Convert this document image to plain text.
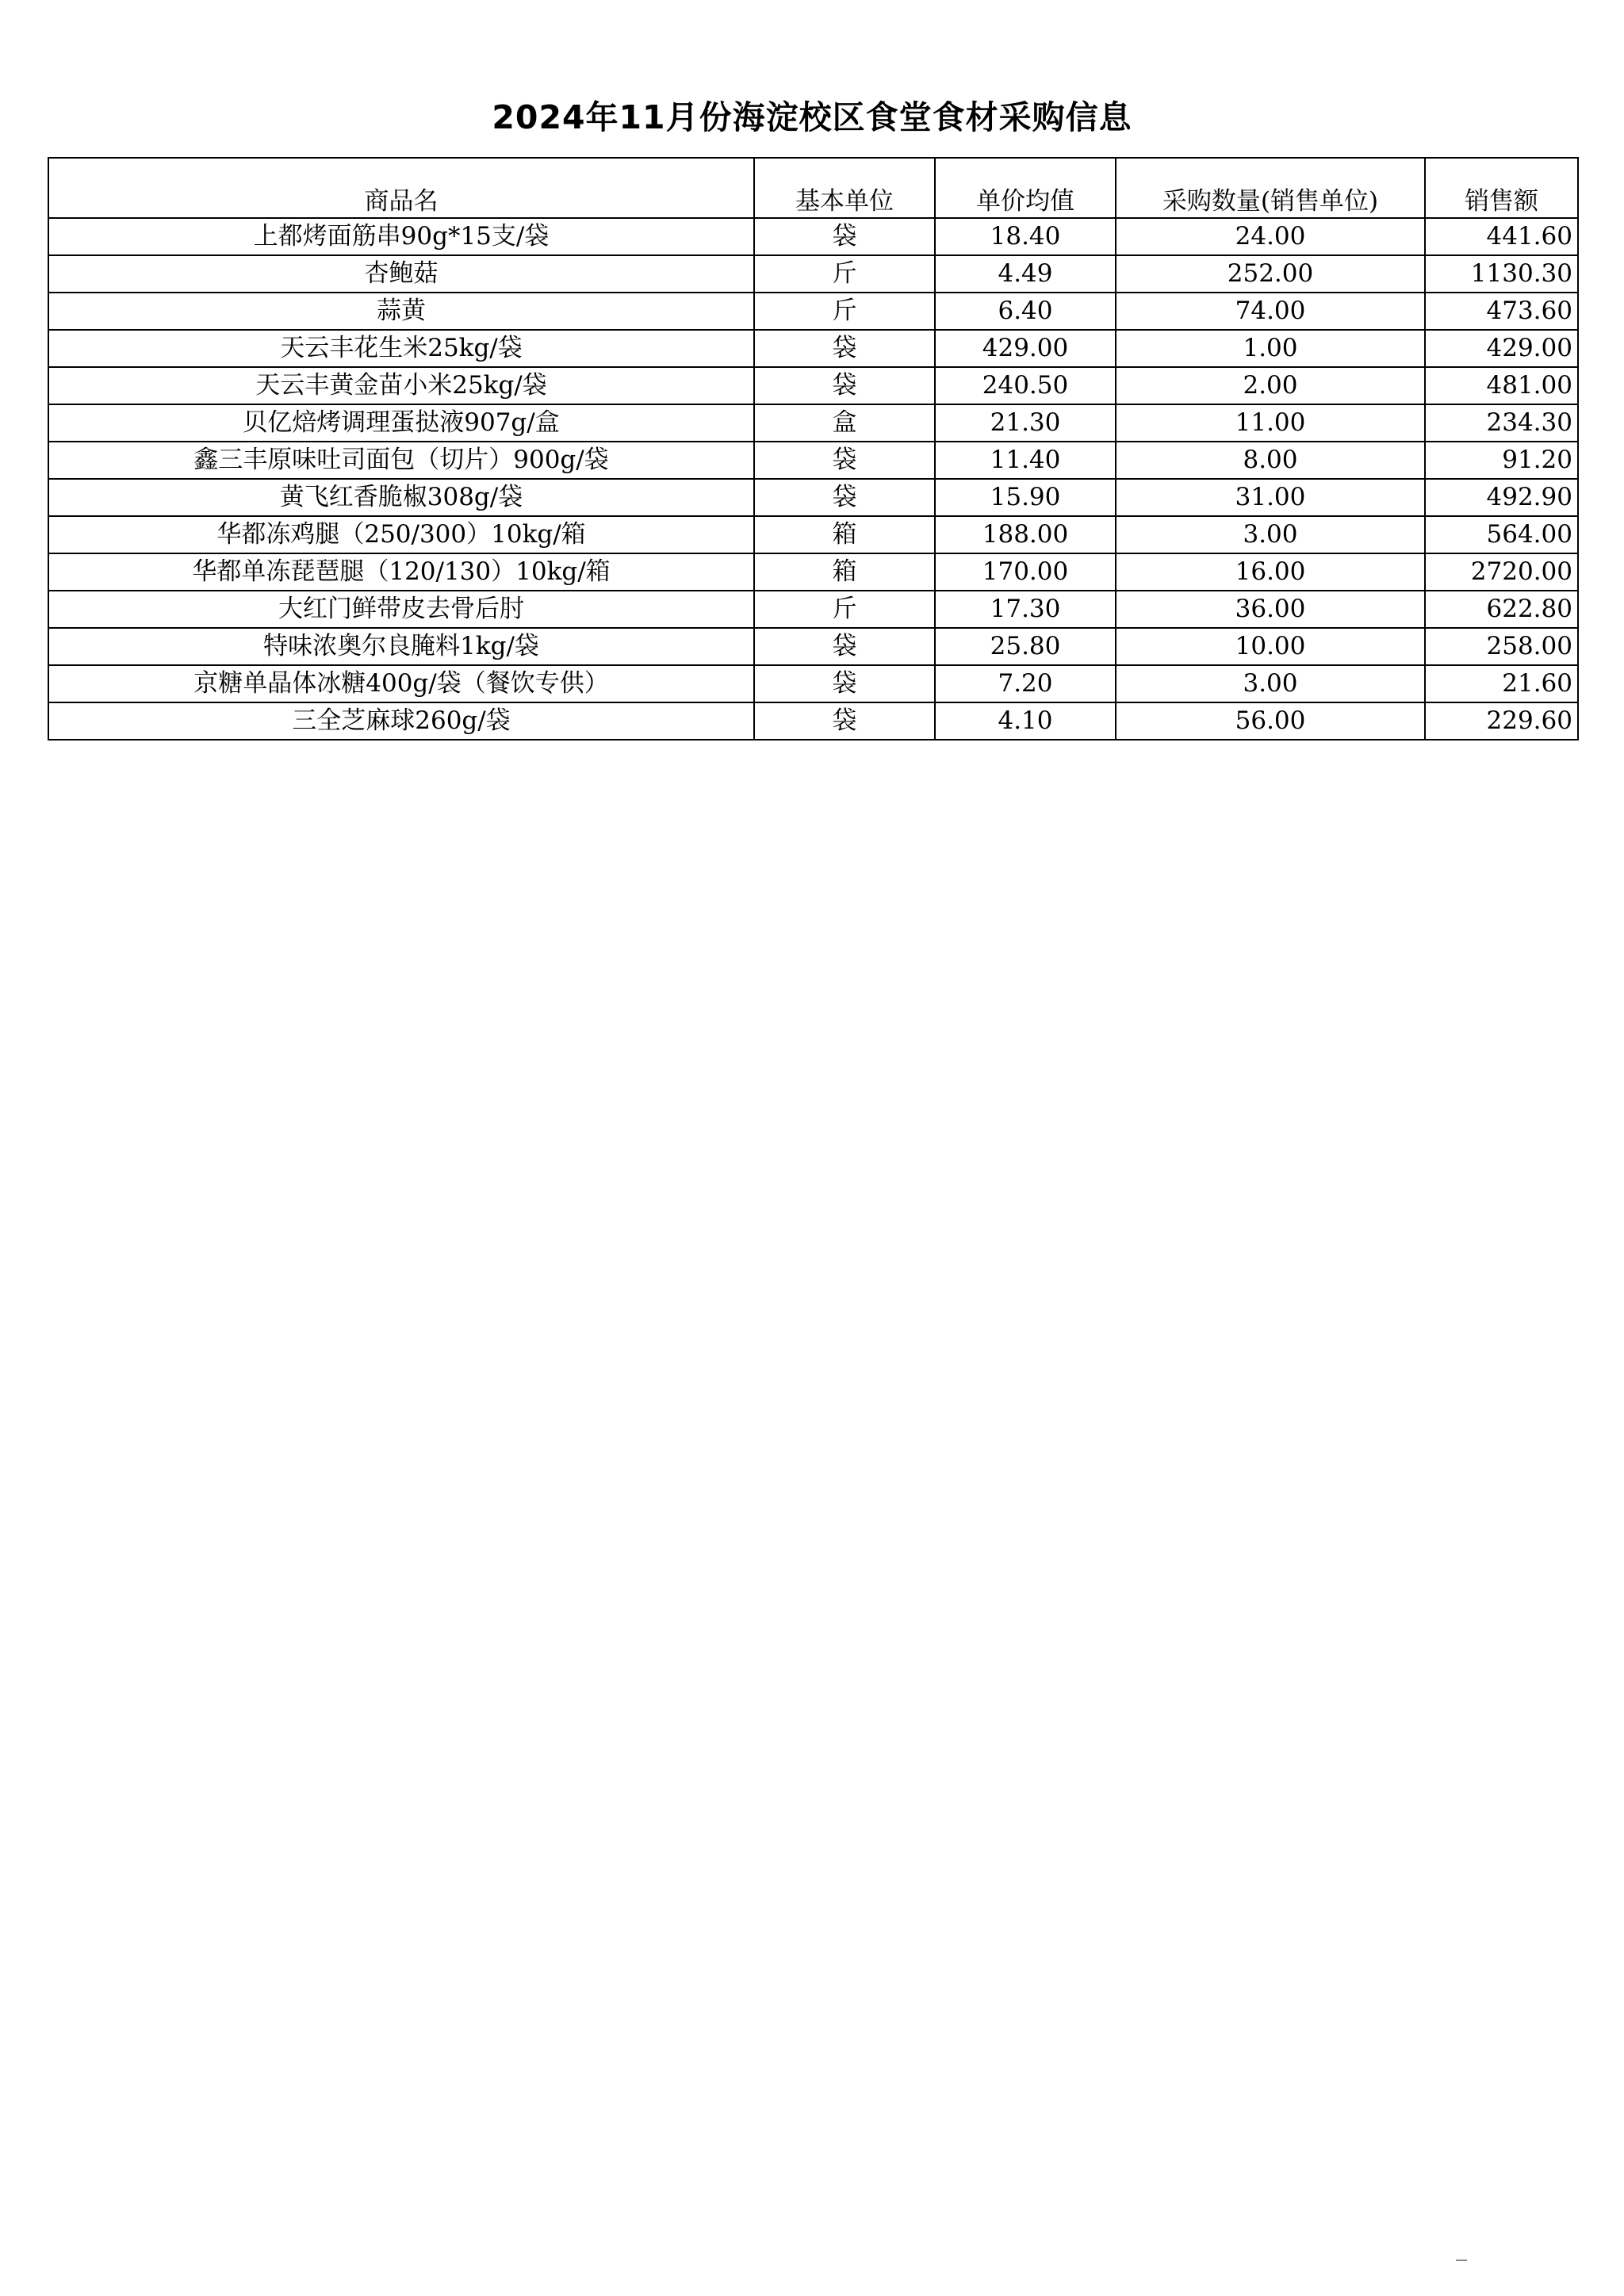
2024年11月份海淀校区食堂食材采购信息
商品名	基本单位	单价均值	采购数量(销售单位)	销售额
上都烤面筋串90g*15支/袋	袋	18.40	24.00	441.60
杏鲍菇	斤	4.49	252.00	1130.30
蒜黄	斤	6.40	74.00	473.60
天云丰花生米25kg/袋	袋	429.00	1.00	429.00
天云丰黄金苗小米25kg/袋	袋	240.50	2.00	481.00
贝亿焙烤调理蛋挞液907g/盒	盒	21.30	11.00	234.30
鑫三丰原味吐司面包（切片）900g/袋	袋	11.40	8.00	91.20
黄飞红香脆椒308g/袋	袋	15.90	31.00	492.90
华都冻鸡腿（250/300）10kg/箱	箱	188.00	3.00	564.00
华都单冻琵琶腿（120/130）10kg/箱	箱	170.00	16.00	2720.00
大红门鲜带皮去骨后肘	斤	17.30	36.00	622.80
特味浓奥尔良腌料1kg/袋	袋	25.80	10.00	258.00
京糖单晶体冰糖400g/袋（餐饮专供）	袋	7.20	3.00	21.60
三全芝麻球260g/袋	袋	4.10	56.00	229.60
